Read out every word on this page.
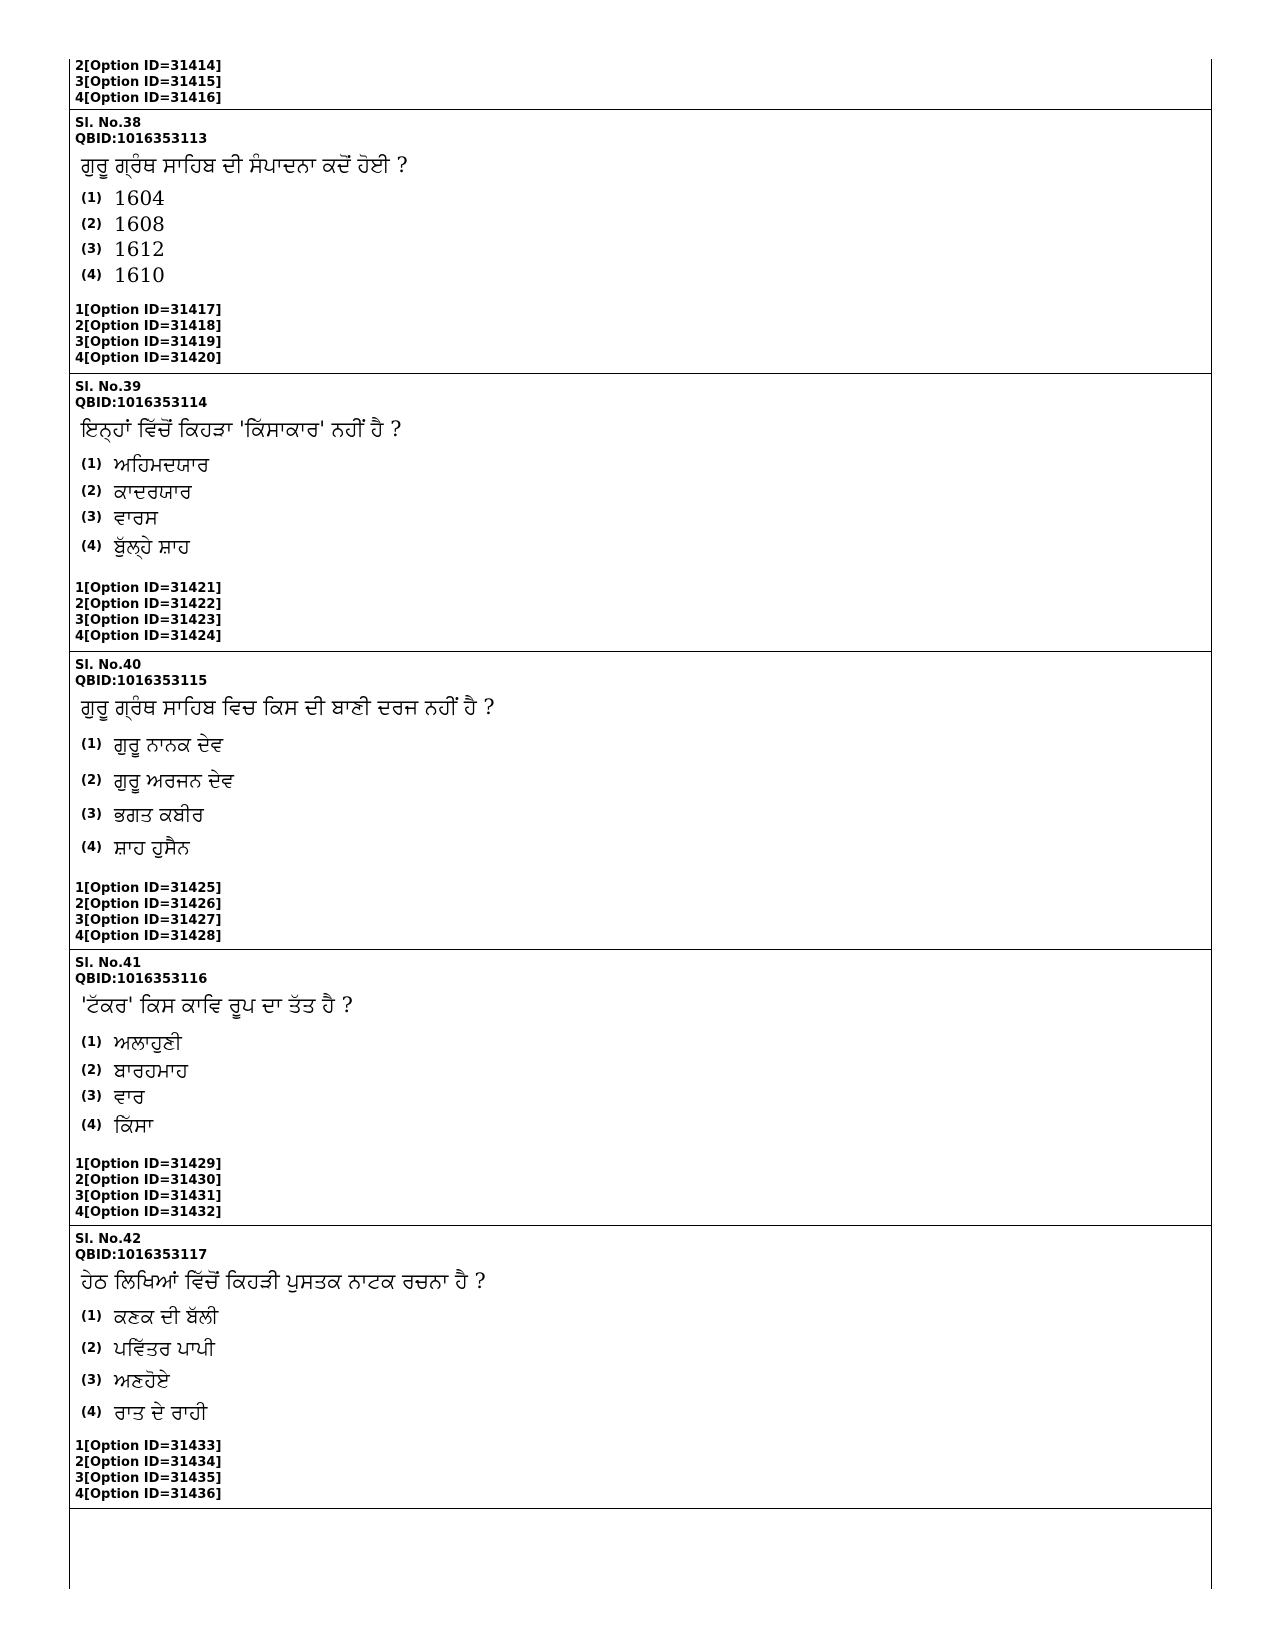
2[Option ID=31414]
3[Option ID=31415]
4[Option ID=31416]
Sl. No.38
QBID:1016353113
ਗੁਰੂ ਗ੍ਰੰਥ ਸਾਹਿਬ ਦੀ ਸੰਪਾਦਨਾ ਕਦੋਂ ਹੋਈ ?
(1) 1604
(2) 1608
(3) 1612
(4) 1610
1[Option ID=31417]
2[Option ID=31418]
3[Option ID=31419]
4[Option ID=31420]
Sl. No.39
QBID:1016353114
ਇਨ੍ਹਾਂ ਵਿੱਚੋਂ ਕਿਹੜਾ 'ਕਿੱਸਾਕਾਰ' ਨਹੀਂ ਹੈ ?
(1) ਅਹਿਮਦਯਾਰ
(2) ਕਾਦਰਯਾਰ
(3) ਵਾਰਸ
(4) ਬੁੱਲ੍ਹੇ ਸ਼ਾਹ
1[Option ID=31421]
2[Option ID=31422]
3[Option ID=31423]
4[Option ID=31424]
Sl. No.40
QBID:1016353115
ਗੁਰੂ ਗ੍ਰੰਥ ਸਾਹਿਬ ਵਿਚ ਕਿਸ ਦੀ ਬਾਣੀ ਦਰਜ ਨਹੀਂ ਹੈ ?
(1) ਗੁਰੂ ਨਾਨਕ ਦੇਵ
(2) ਗੁਰੂ ਅਰਜਨ ਦੇਵ
(3) ਭਗਤ ਕਬੀਰ
(4) ਸ਼ਾਹ ਹੁਸੈਨ
1[Option ID=31425]
2[Option ID=31426]
3[Option ID=31427]
4[Option ID=31428]
Sl. No.41
QBID:1016353116
'ਟੱਕਰ' ਕਿਸ ਕਾਵਿ ਰੂਪ ਦਾ ਤੱਤ ਹੈ ?
(1) ਅਲਾਹੁਣੀ
(2) ਬਾਰਹਮਾਹ
(3) ਵਾਰ
(4) ਕਿੱਸਾ
1[Option ID=31429]
2[Option ID=31430]
3[Option ID=31431]
4[Option ID=31432]
Sl. No.42
QBID:1016353117
ਹੇਠ ਲਿਖਿਆਂ ਵਿੱਚੋਂ ਕਿਹੜੀ ਪੁਸਤਕ ਨਾਟਕ ਰਚਨਾ ਹੈ ?
(1) ਕਣਕ ਦੀ ਬੱਲੀ
(2) ਪਵਿੱਤਰ ਪਾਪੀ
(3) ਅਣਹੋਏ
(4) ਰਾਤ ਦੇ ਰਾਹੀ
1[Option ID=31433]
2[Option ID=31434]
3[Option ID=31435]
4[Option ID=31436]
